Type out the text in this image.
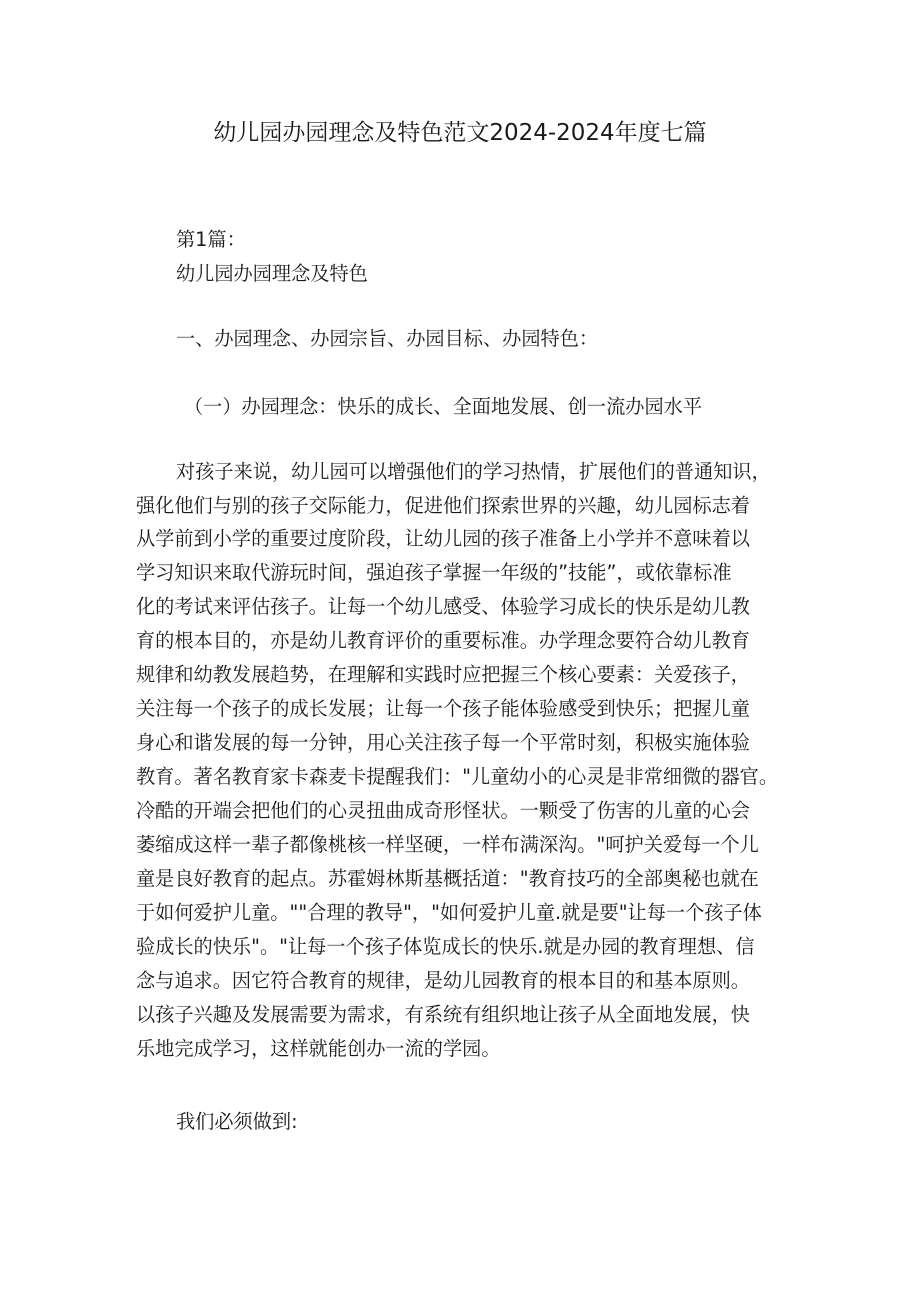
幼儿园办园理念及特色范文2024-2024年度七篇
第1篇：
幼儿园办园理念及特色
一、办园理念、办园宗旨、办园目标、办园特色：
（一）办园理念：快乐的成长、全面地发展、创一流办园水平
对孩子来说，幼儿园可以增强他们的学习热情，扩展他们的普通知识，
强化他们与别的孩子交际能力，促进他们探索世界的兴趣，幼儿园标志着
从学前到小学的重要过度阶段，让幼儿园的孩子准备上小学并不意味着以
学习知识来取代游玩时间，强迫孩子掌握一年级的”技能”，或依靠标准
化的考试来评估孩子。让每一个幼儿感受、体验学习成长的快乐是幼儿教
育的根本目的，亦是幼儿教育评价的重要标准。办学理念要符合幼儿教育
规律和幼教发展趋势，在理解和实践时应把握三个核心要素：关爱孩子，
关注每一个孩子的成长发展；让每一个孩子能体验感受到快乐；把握儿童
身心和谐发展的每一分钟，用心关注孩子每一个平常时刻，积极实施体验
教育。著名教育家卡森麦卡提醒我们："儿童幼小的心灵是非常细微的器官。
冷酷的开端会把他们的心灵扭曲成奇形怪状。一颗受了伤害的儿童的心会
萎缩成这样一辈子都像桃核一样坚硬，一样布满深沟。"呵护关爱每一个儿
童是良好教育的起点。苏霍姆林斯基概括道："教育技巧的全部奥秘也就在
于如何爱护儿童。""合理的教导"，"如何爱护儿童.就是要"让每一个孩子体
验成长的快乐"。"让每一个孩子体览成长的快乐.就是办园的教育理想、信
念与追求。因它符合教育的规律，是幼儿园教育的根本目的和基本原则。
以孩子兴趣及发展需要为需求，有系统有组织地让孩子从全面地发展，快
乐地完成学习，这样就能创办一流的学园。
我们必须做到:
